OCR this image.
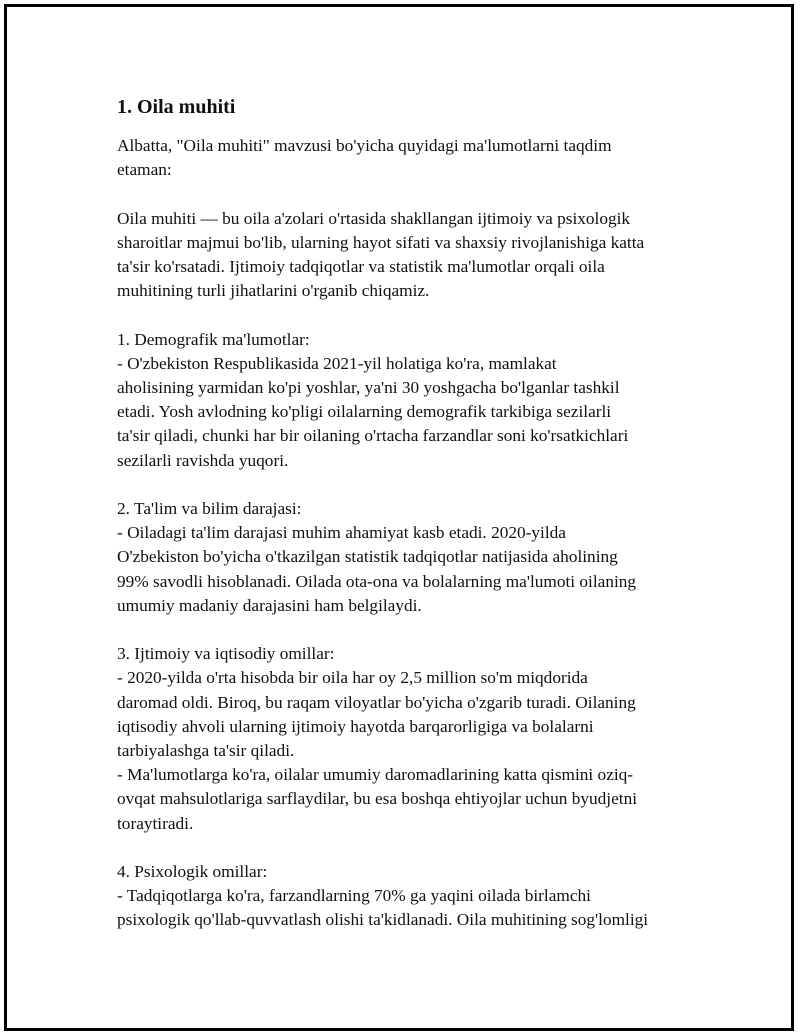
1. Oila muhiti

Albatta, "Oila muhiti" mavzusi bo'yicha quyidagi ma'lumotlarni taqdim
etaman:

Oila muhiti — bu oila a'zolari o'rtasida shakllangan ijtimoiy va psixologik
sharoitlar majmui bo'lib, ularning hayot sifati va shaxsiy rivojlanishiga katta
ta'sir ko'rsatadi. Ijtimoiy tadqiqotlar va statistik ma'lumotlar orqali oila
muhitining turli jihatlarini o'rganib chiqamiz.

1. Demografik ma'lumotlar:

- O'zbekiston Respublikasida 2021-yil holatiga ko'ra, mamlakat
aholisining yarmidan ko'pi yoshlar, ya'ni 30 yoshgacha bo'lganlar tashkil
etadi. Yosh avlodning ko'pligi oilalarning demografik tarkibiga sezilarli
ta'sir qiladi, chunki har bir oilaning o'rtacha farzandlar soni ko'rsatkichlari
sezilarli ravishda yuqori.

2. Ta'lim va bilim darajasi:

- Oiladagi ta'lim darajasi muhim ahamiyat kasb etadi. 2020-yilda
O'zbekiston bo'yicha o'tkazilgan statistik tadqiqotlar natijasida aholining
99% savodli hisoblanadi. Oilada ota-ona va bolalarning ma'lumoti oilaning
umumiy madaniy darajasini ham belgilaydi.

3. Ijtimoiy va iqtisodiy omillar:

- 2020-yilda o'rta hisobda bir oila har oy 2,5 million so'm miqdorida
daromad oldi. Biroq, bu raqam viloyatlar bo'yicha o'zgarib turadi. Oilaning
iqtisodiy ahvoli ularning ijtimoiy hayotda barqarorligiga va bolalarni
tarbiyalashga ta'sir qiladi.

- Ma'lumotlarga ko'ra, oilalar umumiy daromadlarining katta qismini oziq-
ovqat mahsulotlariga sarflaydilar, bu esa boshqa ehtiyojlar uchun byudjetni
toraytiradi.

4. Psixologik omillar:

- Tadqiqotlarga ko'ra, farzandlarning 70% ga yaqini oilada birlamchi
psixologik qo'llab-quvvatlash olishi ta'kidlanadi. Oila muhitining sog'lomligi
